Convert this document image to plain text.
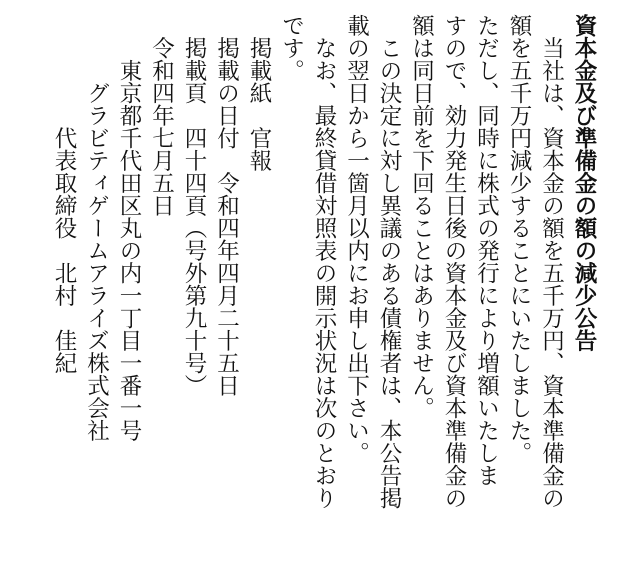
資本金及び準備金の額の減少公告

　当社は、資本金の額を五千万円、資本準備金の

額を五千万円減少することにいたしました。

ただし、同時に株式の発行により増額いたしま

すので、効力発生日後の資本金及び資本準備金の

額は同日前を下回ることはありません。

　この決定に対し異議のある債権者は、本公告掲

載の翌日から一箇月以内にお申し出下さい。

　なお、最終貸借対照表の開示状況は次のとおり

です。

　掲載紙　官報

　掲載の日付　令和四年四月二十五日

　掲載頁　四十四頁（号外第九十号）

　令和四年七月五日

　　東京都千代田区丸の内一丁目一番一号

　　　グラビティゲームアライズ株式会社

　　　　　代表取締役　北村　佳紀
